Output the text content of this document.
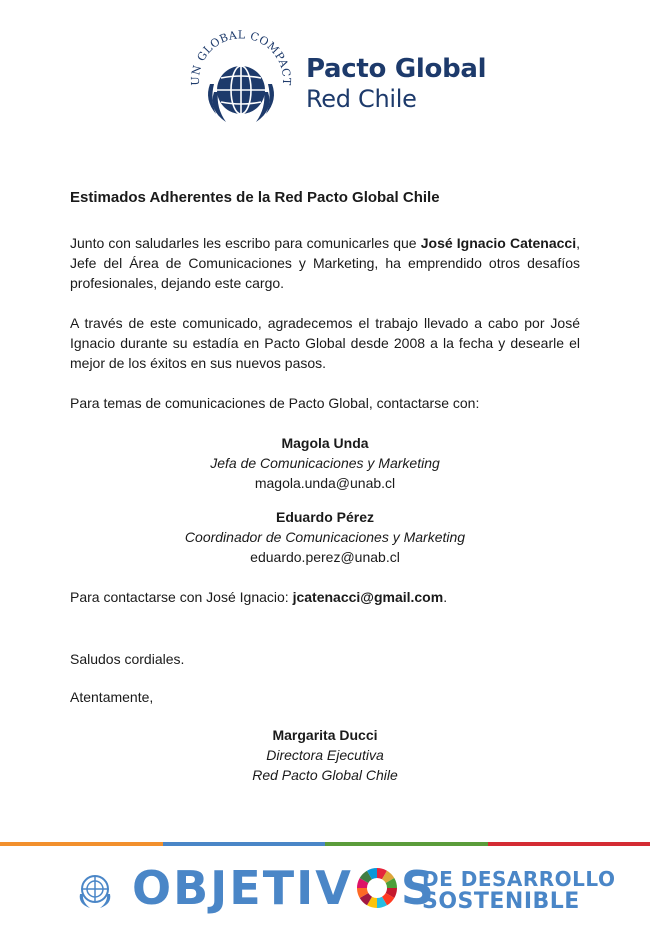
UN GLOBAL COMPACT Pacto Global
Red Chile

Estimados Adherentes de la Red Pacto Global Chile

Junto con saludarles les escribo para comunicarles que José Ignacio Catenacci, Jefe del Área de Comunicaciones y Marketing, ha emprendido otros desafíos profesionales, dejando este cargo.

A través de este comunicado, agradecemos el trabajo llevado a cabo por José Ignacio durante su estadía en Pacto Global desde 2008 a la fecha y desearle el mejor de los éxitos en sus nuevos pasos.

Para temas de comunicaciones de Pacto Global, contactarse con:

Magola Unda
Jefa de Comunicaciones y Marketing
magola.unda@unab.cl
Eduardo Pérez
Coordinador de Comunicaciones y Marketing
eduardo.perez@unab.cl

Para contactarse con José Ignacio: jcatenacci@gmail.com.

Saludos cordiales.

Atentamente,

Margarita Ducci
Directora Ejecutiva
Red Pacto Global Chile
OBJETIV S
DE DESARROLLO
SOSTENIBLE
